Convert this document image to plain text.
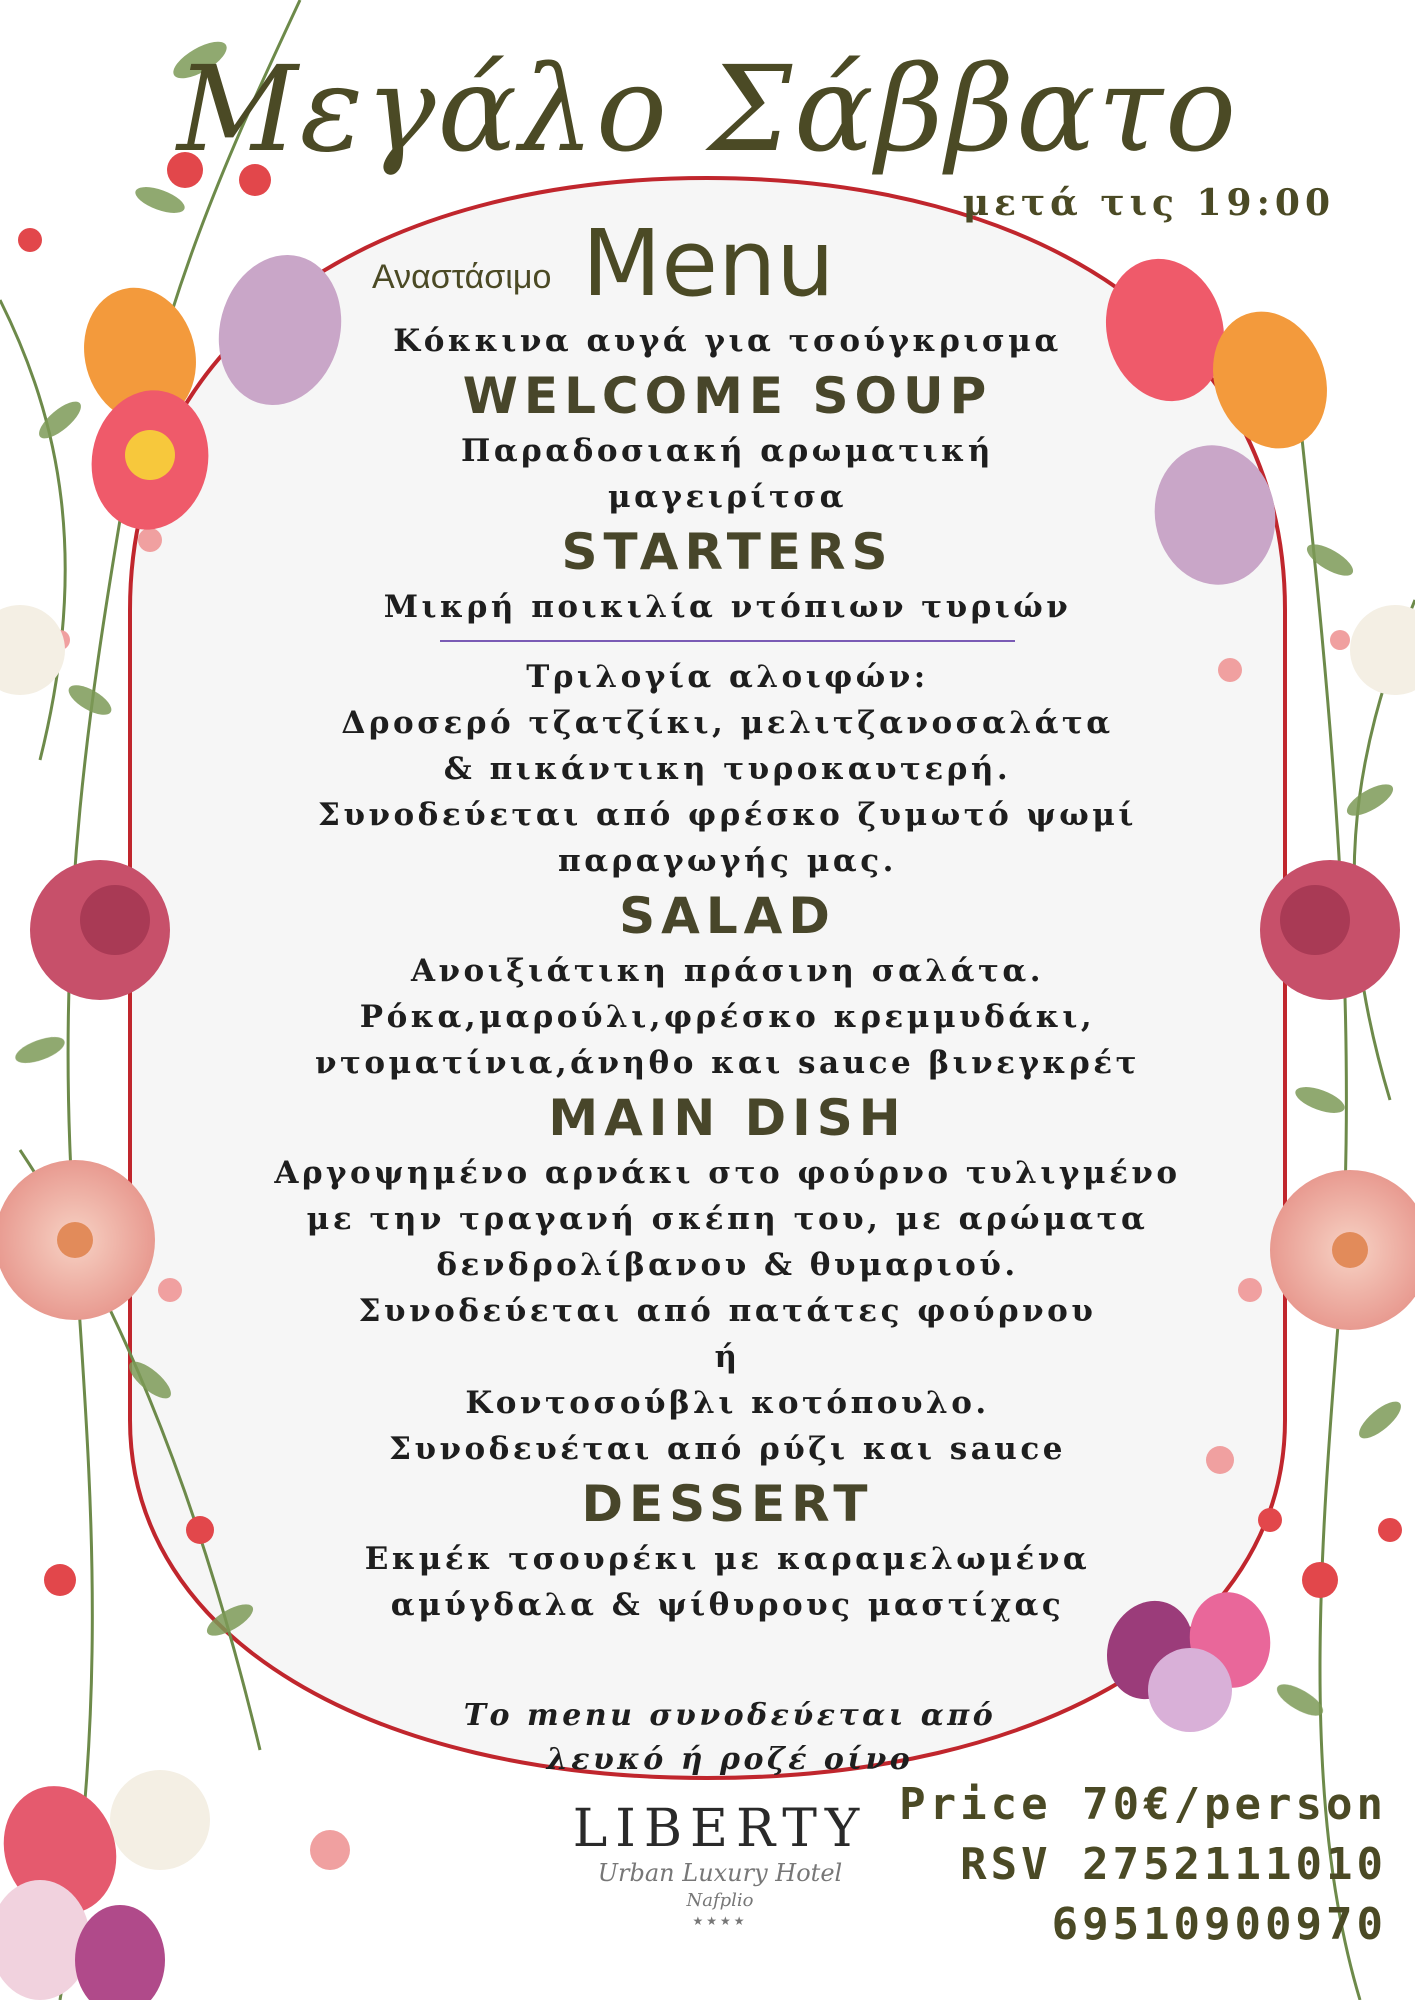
Μεγάλο Σάββατο
μετά τις 19:00
Αναστάσιμο Menu
Κόκκινα αυγά για τσούγκρισμα
WELCOME SOUP
Παραδοσιακή αρωματική
μαγειρίτσα
STARTERS
Μικρή ποικιλία ντόπιων τυριών
Τριλογία αλοιφών:
Δροσερό τζατζίκι, μελιτζανοσαλάτα
& πικάντικη τυροκαυτερή.
Συνοδεύεται από φρέσκο ζυμωτό ψωμί
παραγωγής μας.
SALAD
Ανοιξιάτικη πράσινη σαλάτα.
Ρόκα,μαρούλι,φρέσκο κρεμμυδάκι,
ντοματίνια,άνηθο και sauce βινεγκρέτ
MAIN DISH
Αργοψημένο αρνάκι στο φούρνο τυλιγμένο
με την τραγανή σκέπη του, με αρώματα
δενδρολίβανου & θυμαριού.
Συνοδεύεται από πατάτες φούρνου
ή
Κοντοσούβλι κοτόπουλο.
Συνοδευέται από ρύζι και sauce
DESSERT
Εκμέκ τσουρέκι με καραμελωμένα
αμύγδαλα & ψίθυρους μαστίχας
Το menu συνοδεύεται από
λευκό ή ροζέ οίνο
LIBERTY
Urban Luxury Hotel
Nafplio
★★★★
Price 70€/person
RSV 2752111010
69510900970
